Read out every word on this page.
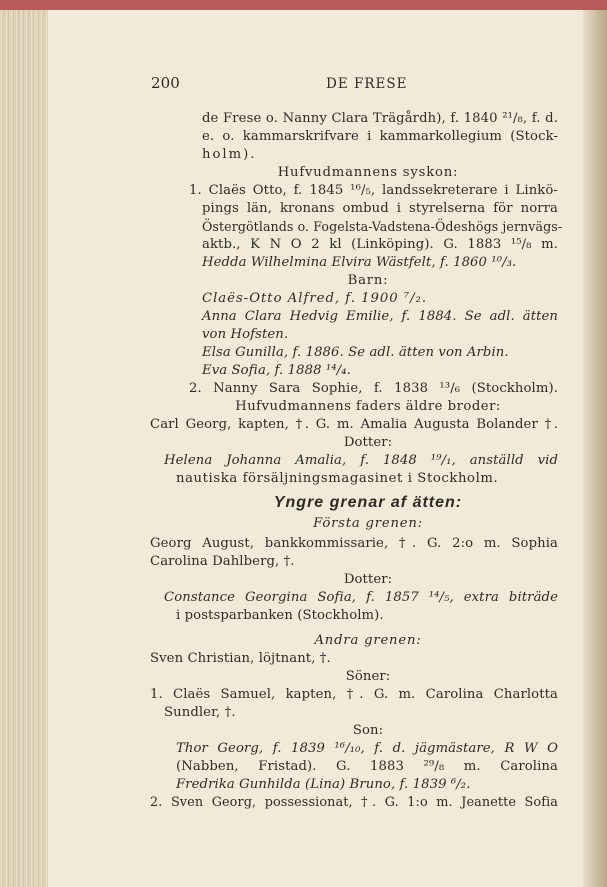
200	DE FRESE
de Frese o. Nanny Clara Trägårdh), f. 1840 ²¹/₈, f. d.
e. o. kammarskrifvare i kammarkollegium (Stock-
holm).
Hufvudmannens syskon:
1. Claës Otto, f. 1845 ¹⁶/₅, landssekreterare i Linkö-
pings län, kronans ombud i styrelserna för norra
Östergötlands o. Fogelsta-Vadstena-Ödeshögs jernvägs-
aktb., K N O 2 kl (Linköping). G. 1883 ¹⁵/₈ m.
Hedda Wilhelmina Elvira Wästfelt, f. 1860 ¹⁰/₃.
Barn:
Claës-Otto Alfred, f. 1900 ⁷/₂.
Anna Clara Hedvig Emilie, f. 1884. Se adl. ätten
von Hofsten.
Elsa Gunilla, f. 1886. Se adl. ätten von Arbin.
Eva Sofia, f. 1888 ¹⁴/₄.
2. Nanny Sara Sophie, f. 1838 ¹³/₆ (Stockholm).
Hufvudmannens faders äldre broder:
Carl Georg, kapten, †. G. m. Amalia Augusta Bolander †.
Dotter:
Helena Johanna Amalia, f. 1848 ¹⁹/₁, anställd vid
nautiska försäljningsmagasinet i Stockholm.
Yngre grenar af ätten:
Första grenen:
Georg August, bankkommissarie, †. G. 2:o m. Sophia
Carolina Dahlberg, †.
Dotter:
Constance Georgina Sofia, f. 1857 ¹⁴/₅, extra biträde
i postsparbanken (Stockholm).
Andra grenen:
Sven Christian, löjtnant, †.
Söner:
1. Claës Samuel, kapten, †. G. m. Carolina Charlotta
Sundler, †.
Son:
Thor Georg, f. 1839 ¹⁶/₁₀, f. d. jägmästare, R W O
(Nabben, Fristad). G. 1883 ²⁹/₈ m. Carolina
Fredrika Gunhilda (Lina) Bruno, f. 1839 ⁶/₂.
2. Sven Georg, possessionat, †. G. 1:o m. Jeanette Sofia
